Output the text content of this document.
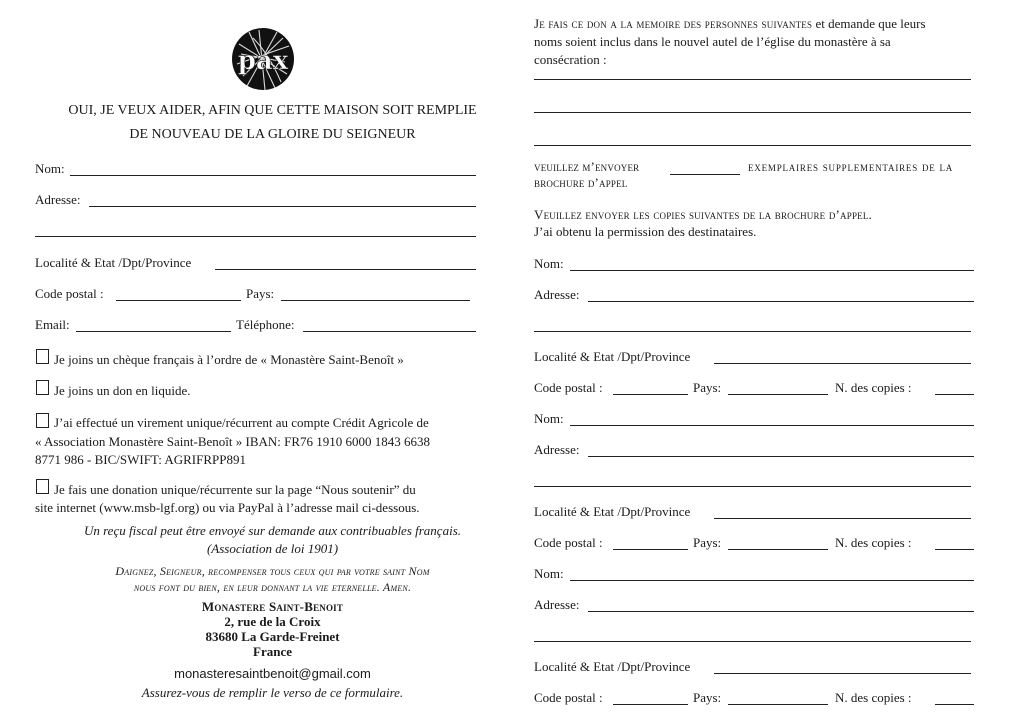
pax
OUI, JE VEUX AIDER, AFIN QUE CETTE MAISON SOIT REMPLIE
DE NOUVEAU DE LA GLOIRE DU SEIGNEUR
Nom:
Adresse:
Localité & Etat /Dpt/Province
Code postal :	Pays:
Email:	Téléphone:
Je joins un chèque français à l’ordre de « Monastère Saint-Benoît »
Je joins un don en liquide.
J’ai effectué un virement unique/récurrent au compte Crédit Agricole de
« Association Monastère Saint-Benoît » IBAN: FR76 1910 6000 1843 6638
8771 986 - BIC/SWIFT: AGRIFRPP891
Je fais une donation unique/récurrente sur la page “Nous soutenir” du
site internet (www.msb-lgf.org) ou via PayPal à l’adresse mail ci-dessous.
Un reçu fiscal peut être envoyé sur demande aux contribuables français.
(Association de loi 1901)
Daignez, Seigneur, recompenser tous ceux qui par votre saint Nom
nous font du bien, en leur donnant la vie eternelle. Amen.
Monastere Saint-Benoit
2, rue de la Croix
83680 La Garde-Freinet
France
monasteresaintbenoit@gmail.com
Assurez-vous de remplir le verso de ce formulaire.
Je fais ce don a la memoire des personnes suivantes et demande que leurs
noms soient inclus dans le nouvel autel de l’église du monastère à sa
consécration :
veuillez m’envoyer	exemplaires supplementaires de la
brochure d’appel
Veuillez envoyer les copies suivantes de la brochure d’appel.
J’ai obtenu la permission des destinataires.
Nom:
Adresse:
Localité & Etat /Dpt/Province
Code postal :	Pays:	N. des copies :
Nom:
Adresse:
Localité & Etat /Dpt/Province
Code postal :	Pays:	N. des copies :
Nom:
Adresse:
Localité & Etat /Dpt/Province
Code postal :	Pays:	N. des copies :
